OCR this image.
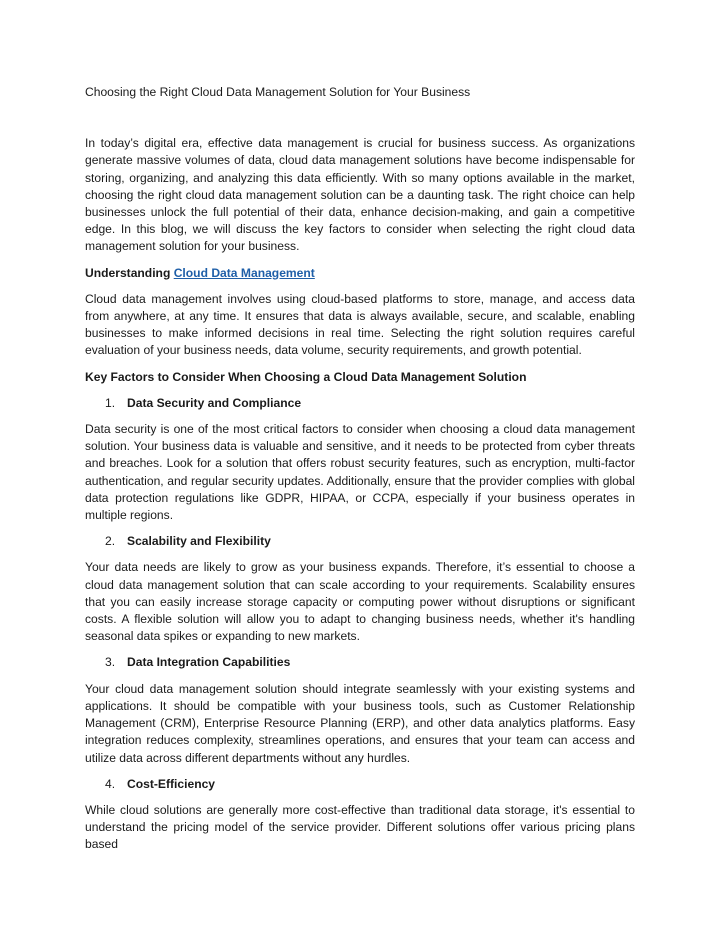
Choosing the Right Cloud Data Management Solution for Your Business

In today’s digital era, effective data management is crucial for business success. As organizations generate massive volumes of data, cloud data management solutions have become indispensable for storing, organizing, and analyzing this data efficiently. With so many options available in the market, choosing the right cloud data management solution can be a daunting task. The right choice can help businesses unlock the full potential of their data, enhance decision-making, and gain a competitive edge. In this blog, we will discuss the key factors to consider when selecting the right cloud data management solution for your business.

Understanding Cloud Data Management

Cloud data management involves using cloud-based platforms to store, manage, and access data from anywhere, at any time. It ensures that data is always available, secure, and scalable, enabling businesses to make informed decisions in real time. Selecting the right solution requires careful evaluation of your business needs, data volume, security requirements, and growth potential.

Key Factors to Consider When Choosing a Cloud Data Management Solution
1. Data Security and Compliance

Data security is one of the most critical factors to consider when choosing a cloud data management solution. Your business data is valuable and sensitive, and it needs to be protected from cyber threats and breaches. Look for a solution that offers robust security features, such as encryption, multi-factor authentication, and regular security updates. Additionally, ensure that the provider complies with global data protection regulations like GDPR, HIPAA, or CCPA, especially if your business operates in multiple regions.

2. Scalability and Flexibility

Your data needs are likely to grow as your business expands. Therefore, it’s essential to choose a cloud data management solution that can scale according to your requirements. Scalability ensures that you can easily increase storage capacity or computing power without disruptions or significant costs. A flexible solution will allow you to adapt to changing business needs, whether it's handling seasonal data spikes or expanding to new markets.

3. Data Integration Capabilities

Your cloud data management solution should integrate seamlessly with your existing systems and applications. It should be compatible with your business tools, such as Customer Relationship Management (CRM), Enterprise Resource Planning (ERP), and other data analytics platforms. Easy integration reduces complexity, streamlines operations, and ensures that your team can access and utilize data across different departments without any hurdles.

4. Cost-Efficiency

While cloud solutions are generally more cost-effective than traditional data storage, it's essential to understand the pricing model of the service provider. Different solutions offer various pricing plans based
